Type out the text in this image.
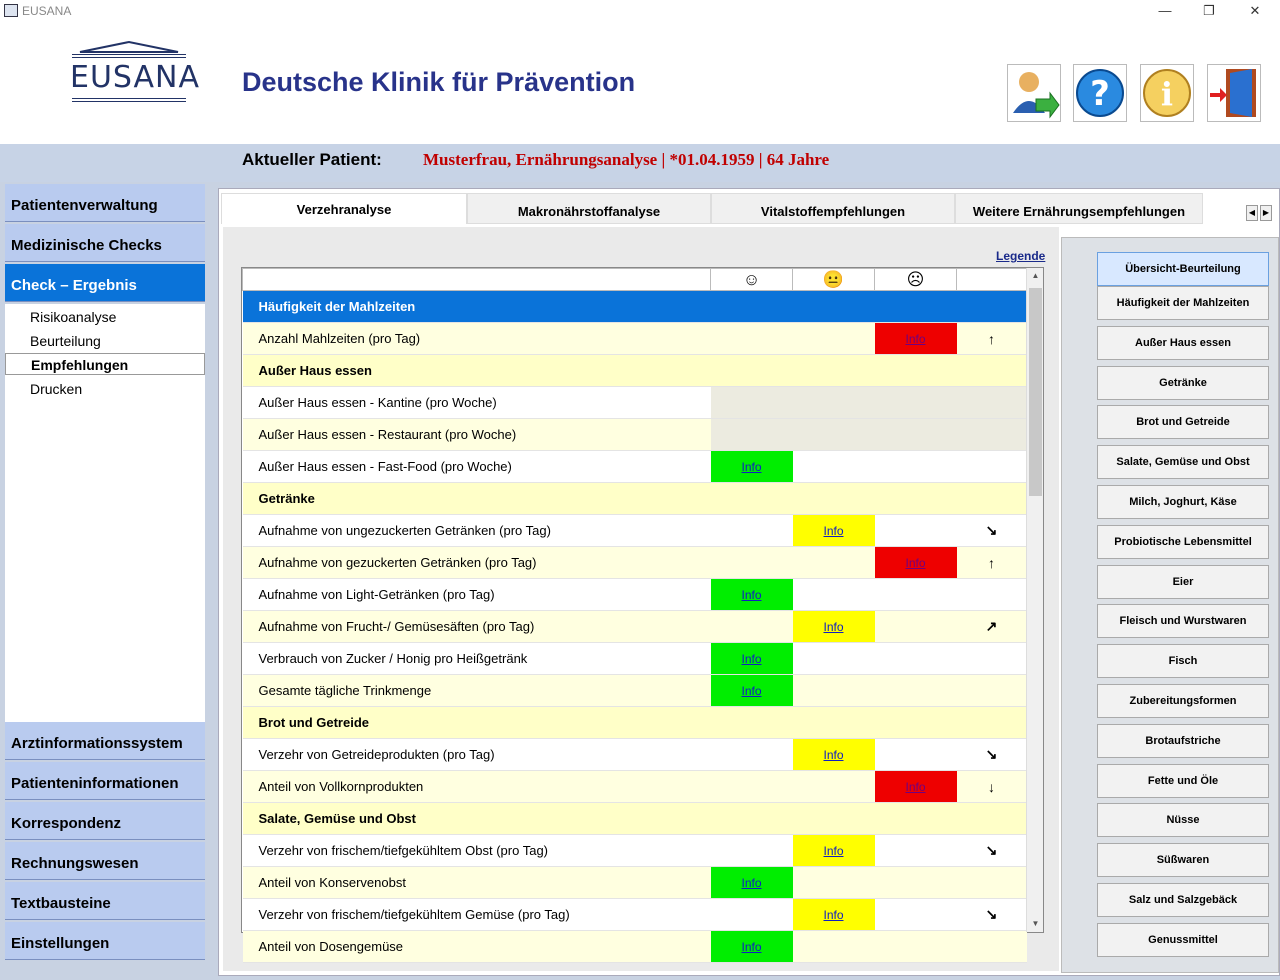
EUSANA	—	❐	✕
EUSANA Deutsche Klinik für Prävention	? i
Aktueller Patient: Musterfrau, Ernährungsanalyse | *01.04.1959 | 64 Jahre
Patientenverwaltung
Medizinische Checks
Check – Ergebnis
Risikoanalyse
Beurteilung
Empfehlungen
Drucken
Arztinformationssystem
Patienteninformationen
Korrespondenz
Rechnungswesen
Textbausteine
Einstellungen
Verzehranalyse	Makronährstoffanalyse	Vitalstoffempfehlungen	Weitere Ernährungsempfehlungen	◀ ▶
Legende
	☺	😐	☹	
Häufigkeit der Mahlzeiten				
Anzahl Mahlzeiten (pro Tag)			Info	↑
Außer Haus essen				
Außer Haus essen - Kantine (pro Woche)				
Außer Haus essen - Restaurant (pro Woche)				
Außer Haus essen - Fast-Food (pro Woche)	Info			
Getränke				
Aufnahme von ungezuckerten Getränken (pro Tag)		Info		↘
Aufnahme von gezuckerten Getränken (pro Tag)			Info	↑
Aufnahme von Light-Getränken (pro Tag)	Info			
Aufnahme von Frucht-/ Gemüsesäften (pro Tag)		Info		↗
Verbrauch von Zucker / Honig pro Heißgetränk	Info			
Gesamte tägliche Trinkmenge	Info			
Brot und Getreide				
Verzehr von Getreideprodukten (pro Tag)		Info		↘
Anteil von Vollkornprodukten			Info	↓
Salate, Gemüse und Obst				
Verzehr von frischem/tiefgekühltem Obst (pro Tag)		Info		↘
Anteil von Konservenobst	Info			
Verzehr von frischem/tiefgekühltem Gemüse (pro Tag)		Info		↘
Anteil von Dosengemüse	Info			
▲
▼
Übersicht-Beurteilung
Häufigkeit der Mahlzeiten
Außer Haus essen
Getränke
Brot und Getreide
Salate, Gemüse und Obst
Milch, Joghurt, Käse
Probiotische Lebensmittel
Eier
Fleisch und Wurstwaren
Fisch
Zubereitungsformen
Brotaufstriche
Fette und Öle
Nüsse
Süßwaren
Salz und Salzgebäck
Genussmittel
